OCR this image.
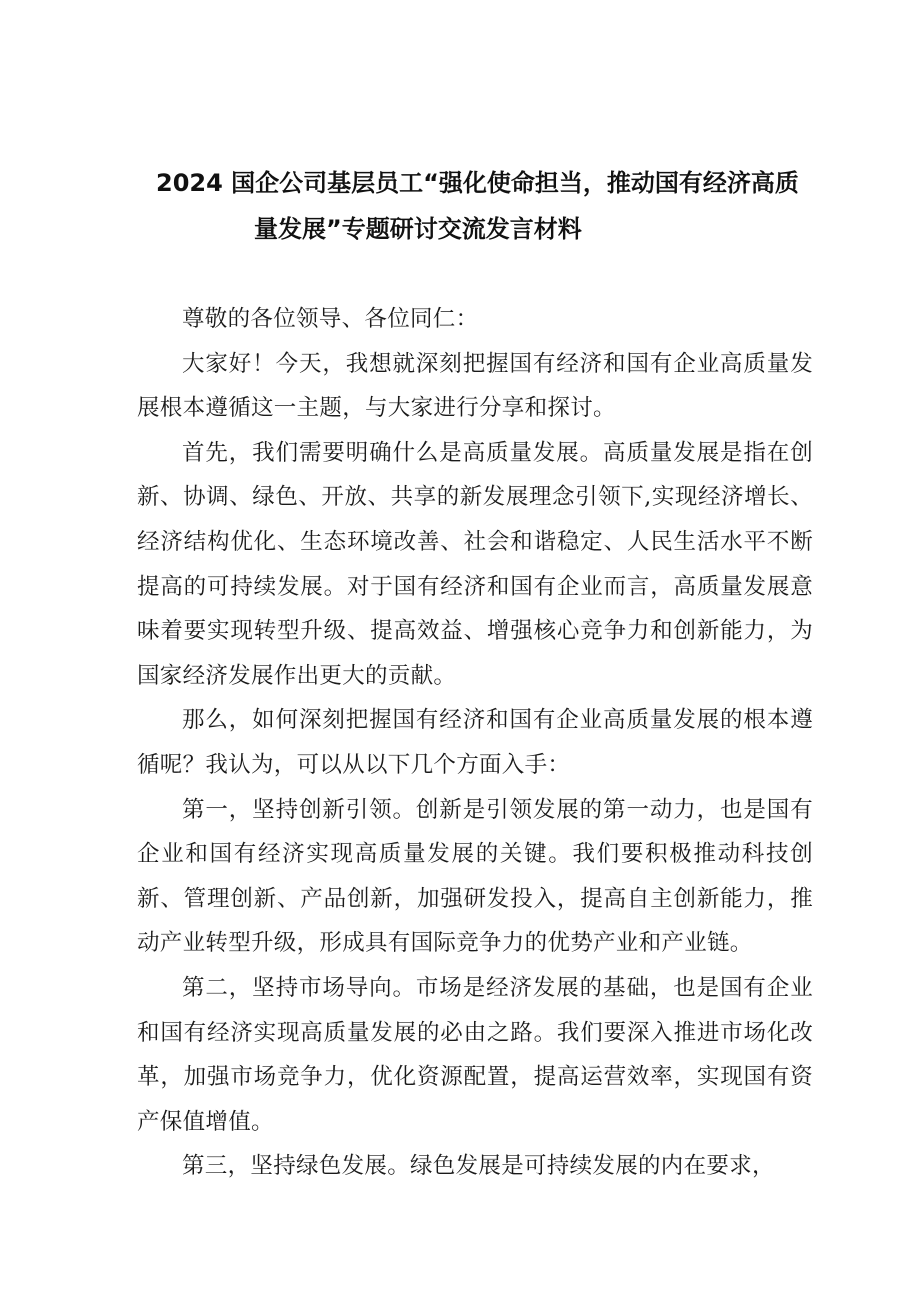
2024 国企公司基层员工“强化使命担当，推动国有经济高质
量发展”专题研讨交流发言材料

尊敬的各位领导、各位同仁：

大家好！今天，我想就深刻把握国有经济和国有企业高质量发展根本遵循这一主题，与大家进行分享和探讨。

首先，我们需要明确什么是高质量发展。高质量发展是指在创新、协调、绿色、开放、共享的新发展理念引领下,实现经济增长、经济结构优化、生态环境改善、社会和谐稳定、人民生活水平不断提高的可持续发展。对于国有经济和国有企业而言，高质量发展意味着要实现转型升级、提高效益、增强核心竞争力和创新能力，为国家经济发展作出更大的贡献。

那么，如何深刻把握国有经济和国有企业高质量发展的根本遵循呢？我认为，可以从以下几个方面入手：

第一，坚持创新引领。创新是引领发展的第一动力，也是国有企业和国有经济实现高质量发展的关键。我们要积极推动科技创新、管理创新、产品创新，加强研发投入，提高自主创新能力，推动产业转型升级，形成具有国际竞争力的优势产业和产业链。

第二，坚持市场导向。市场是经济发展的基础，也是国有企业和国有经济实现高质量发展的必由之路。我们要深入推进市场化改革，加强市场竞争力，优化资源配置，提高运营效率，实现国有资产保值增值。

第三，坚持绿色发展。绿色发展是可持续发展的内在要求，
